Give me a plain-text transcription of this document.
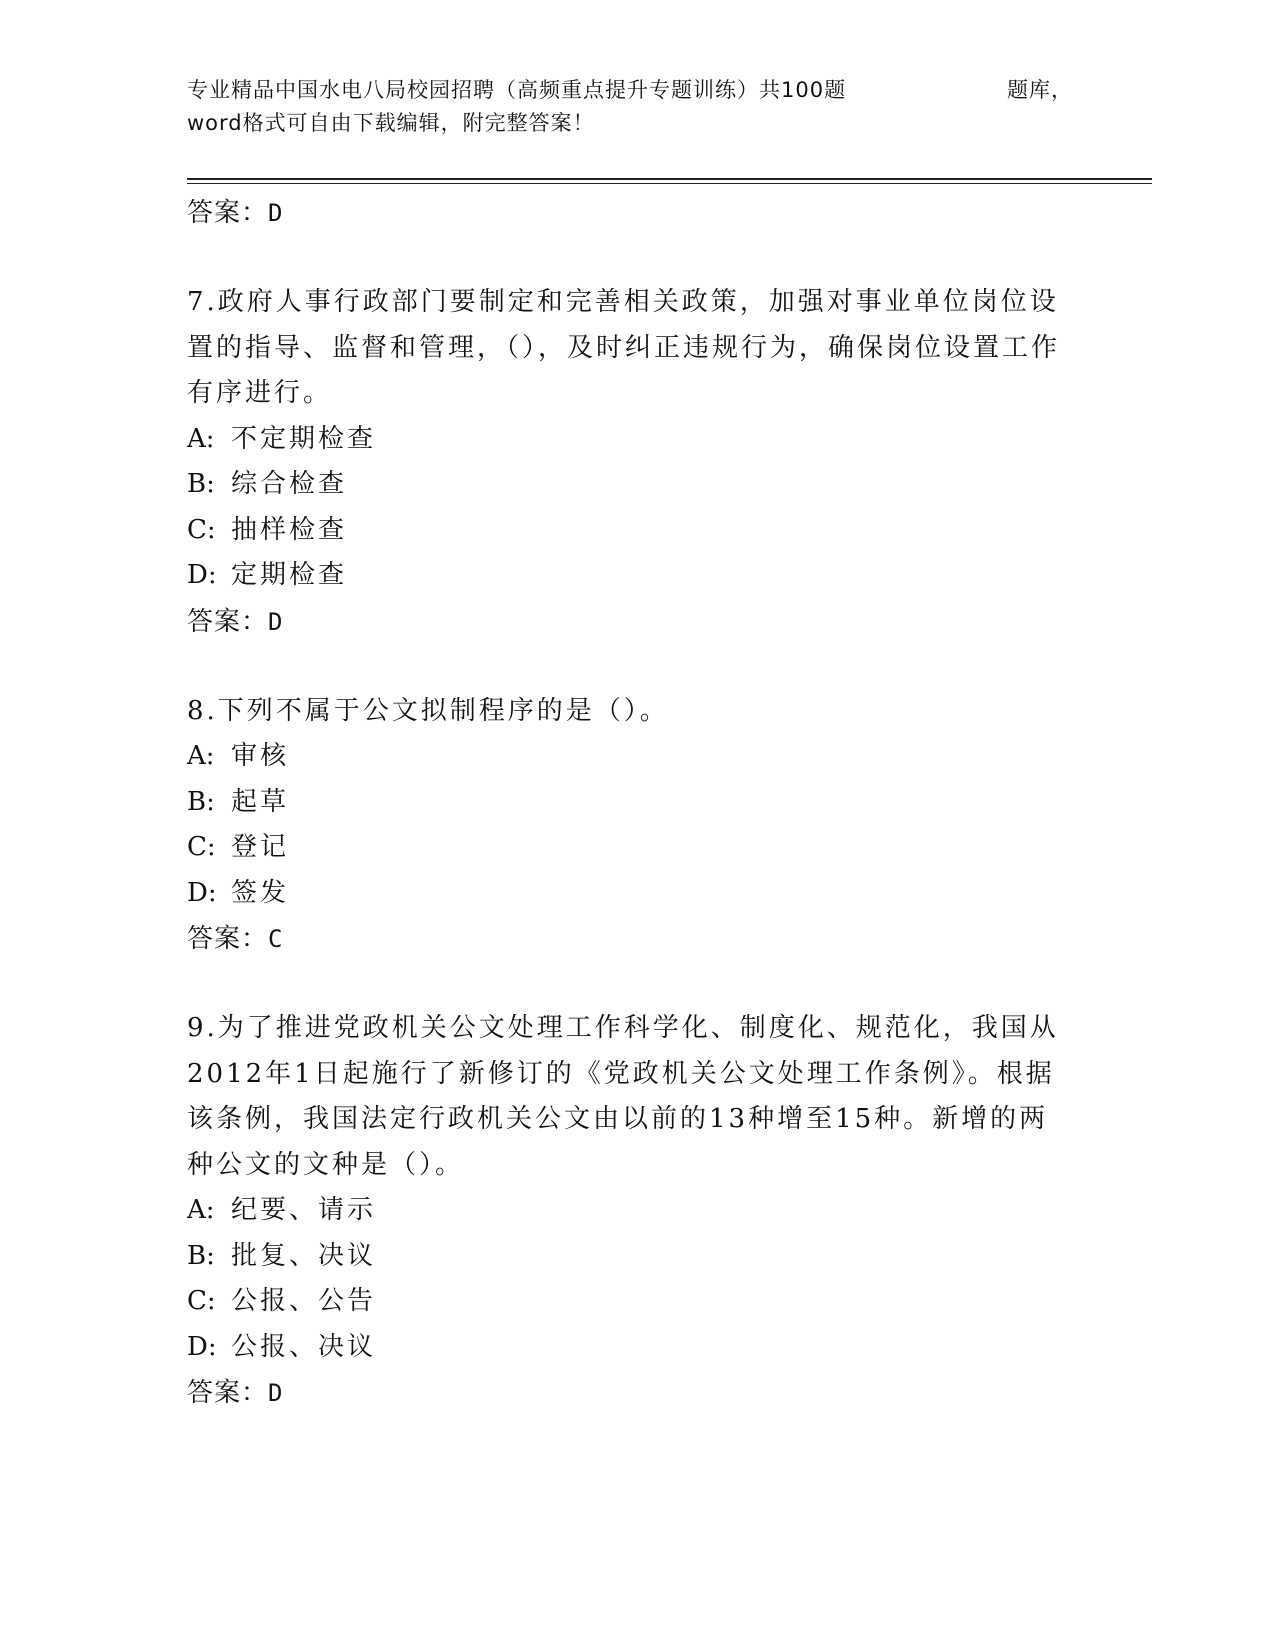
专业精品中国水电八局校园招聘（高频重点提升专题训练）共100题	题库，
word格式可自由下载编辑，附完整答案！
答案：D
7.政府人事行政部门要制定和完善相关政策，加强对事业单位岗位设置的指导、监督和管理，（），及时纠正违规行为，确保岗位设置工作有序进行。
A: 不定期检查
B: 综合检查
C: 抽样检查
D: 定期检查
答案：D
8.下列不属于公文拟制程序的是（）。
A: 审核
B: 起草
C: 登记
D: 签发
答案：C
9.为了推进党政机关公文处理工作科学化、制度化、规范化，我国从2012年1日起施行了新修订的《党政机关公文处理工作条例》。根据该条例，我国法定行政机关公文由以前的13种增至15种。新增的两种公文的文种是（）。
A: 纪要、请示
B: 批复、决议
C: 公报、公告
D: 公报、决议
答案：D
